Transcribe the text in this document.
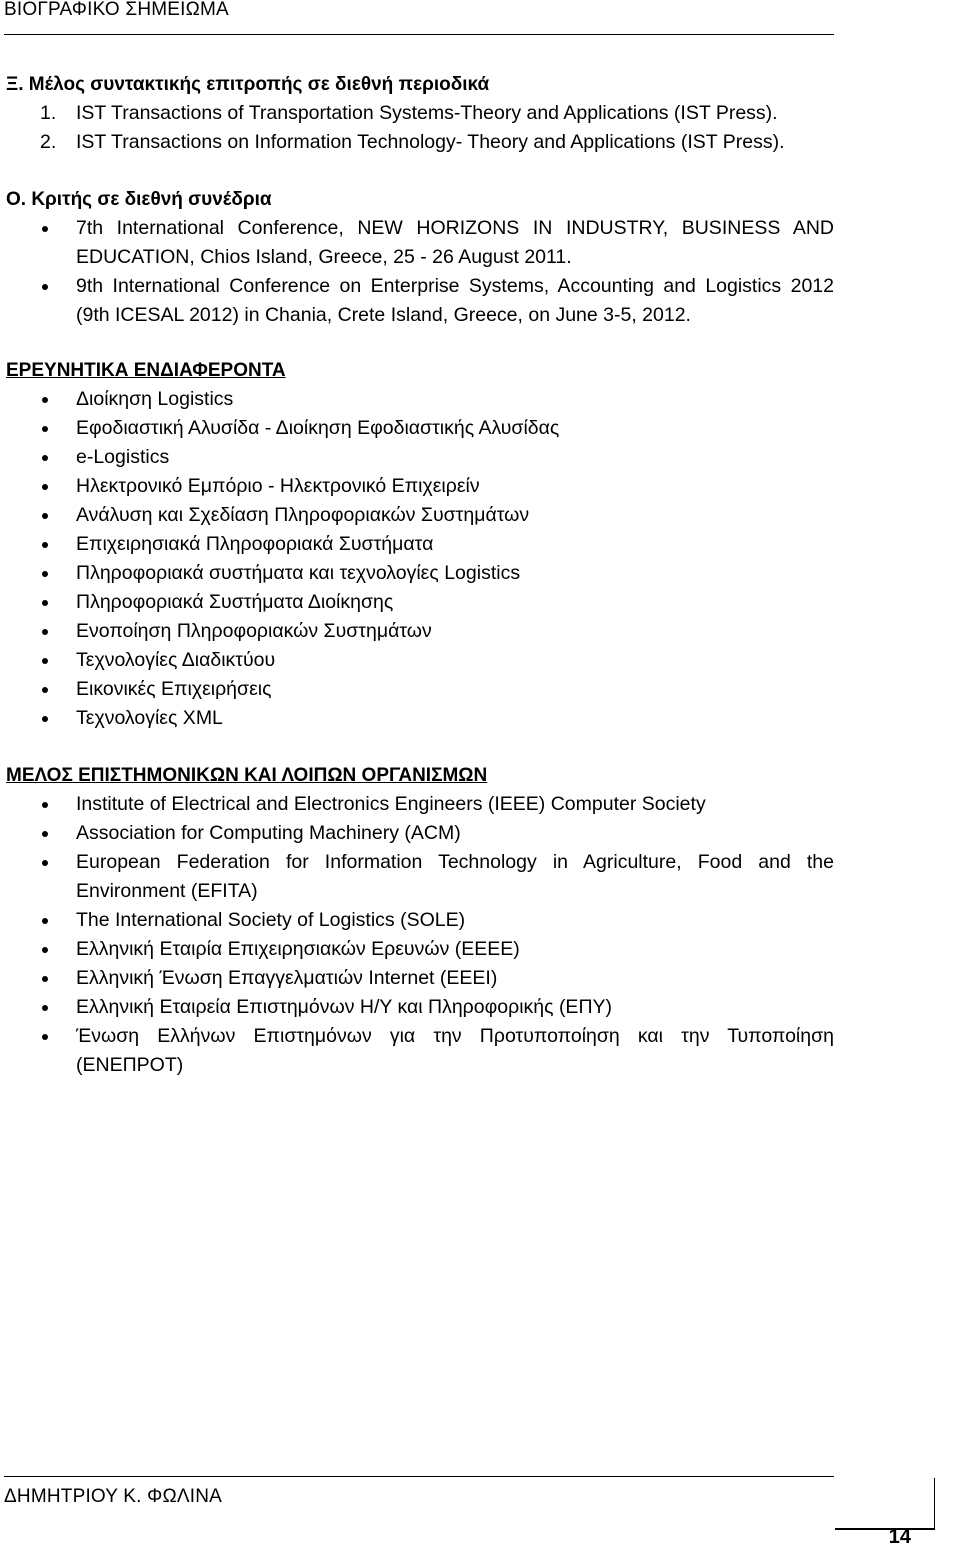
ΒΙΟΓΡΑΦΙΚΟ ΣΗΜΕΙΩΜΑ
Ξ. Μέλος συντακτικής επιτροπής σε διεθνή περιοδικά
1. IST Transactions of Transportation Systems-Theory and Applications (IST Press).
2. IST Transactions on Information Technology- Theory and Applications (IST Press).
Ο. Κριτής σε διεθνή συνέδρια
7th International Conference, NEW HORIZONS IN INDUSTRY, BUSINESS AND EDUCATION, Chios Island, Greece, 25 - 26 August 2011.
9th International Conference on Enterprise Systems, Accounting and Logistics 2012 (9th ICESAL 2012) in Chania, Crete Island, Greece, on June 3-5, 2012.
ΕΡΕΥΝΗΤΙΚΑ ΕΝΔΙΑΦΕΡΟΝΤΑ
Διοίκηση Logistics
Εφοδιαστική Αλυσίδα - Διοίκηση Εφοδιαστικής Αλυσίδας
e-Logistics
Ηλεκτρονικό Εμπόριο - Ηλεκτρονικό Επιχειρείν
Ανάλυση και Σχεδίαση Πληροφοριακών Συστημάτων
Επιχειρησιακά Πληροφοριακά Συστήματα
Πληροφοριακά συστήματα και τεχνολογίες Logistics
Πληροφοριακά Συστήματα Διοίκησης
Ενοποίηση Πληροφοριακών Συστημάτων
Τεχνολογίες Διαδικτύου
Εικονικές Επιχειρήσεις
Τεχνολογίες XML
ΜΕΛΟΣ ΕΠΙΣΤΗΜΟΝΙΚΩΝ ΚΑΙ ΛΟΙΠΩΝ ΟΡΓΑΝΙΣΜΩΝ
Institute of Electrical and Electronics Engineers (IEEE) Computer Society
Association for Computing Machinery (ACM)
European Federation for Information Technology in Agriculture, Food and the Environment (EFITA)
The International Society of Logistics (SOLE)
Ελληνική Εταιρία Επιχειρησιακών Ερευνών (ΕΕΕΕ)
Ελληνική Ένωση Επαγγελματιών Internet (ΕΕΕΙ)
Ελληνική Εταιρεία Επιστημόνων Η/Υ και Πληροφορικής (ΕΠΥ)
Ένωση Ελλήνων Επιστημόνων για την Προτυποποίηση και την Τυποποίηση (ΕΝΕΠΡΟΤ)
ΔΗΜΗΤΡΙΟΥ Κ. ΦΩΛΙΝΑ
14
